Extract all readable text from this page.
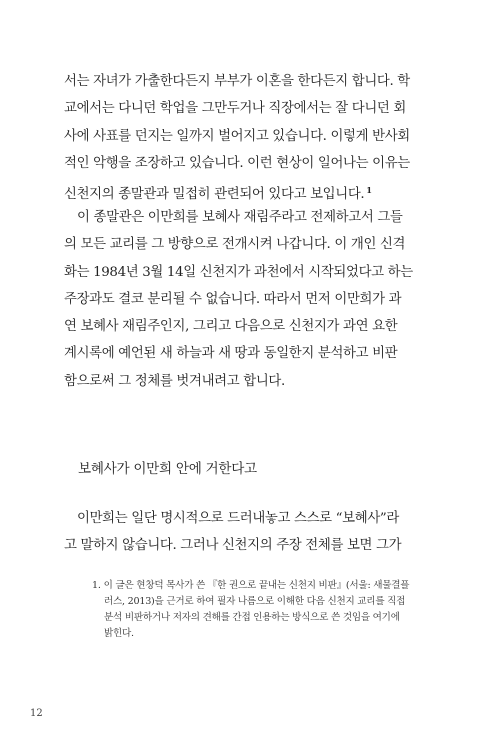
서는 자녀가 가출한다든지 부부가 이혼을 한다든지 합니다. 학
교에서는 다니던 학업을 그만두거나 직장에서는 잘 다니던 회
사에 사표를 던지는 일까지 벌어지고 있습니다. 이렇게 반사회
적인 악행을 조장하고 있습니다. 이런 현상이 일어나는 이유는
신천지의 종말관과 밀접히 관련되어 있다고 보입니다. $^1$
이 종말관은 이만희를 보혜사 재림주라고 전제하고서 그들
의 모든 교리를 그 방향으로 전개시켜 나갑니다. 이 개인 신격
화는 1984년 3월 14일 신천지가 과천에서 시작되었다고 하는
주장과도 결코 분리될 수 없습니다. 따라서 먼저 이만희가 과
연 보혜사 재림주인지, 그리고 다음으로 신천지가 과연 요한
계시록에 예언된 새 하늘과 새 땅과 동일한지 분석하고 비판
함으로써 그 정체를 벗겨내려고 합니다.
보혜사가 이만희 안에 거한다고
이만희는 일단 명시적으로 드러내놓고 스스로 “보혜사”라
고 말하지 않습니다. 그러나 신천지의 주장 전체를 보면 그가
1. 이 글은 현창덕 목사가 쓴 『한 권으로 끝내는 신천지 비판』(서울: 새물결플
러스, 2013)을 근거로 하여 필자 나름으로 이해한 다음 신천지 교리를 직접
분석 비판하거나 저자의 견해를 간접 인용하는 방식으로 쓴 것임을 여기에
밝힌다.
12
